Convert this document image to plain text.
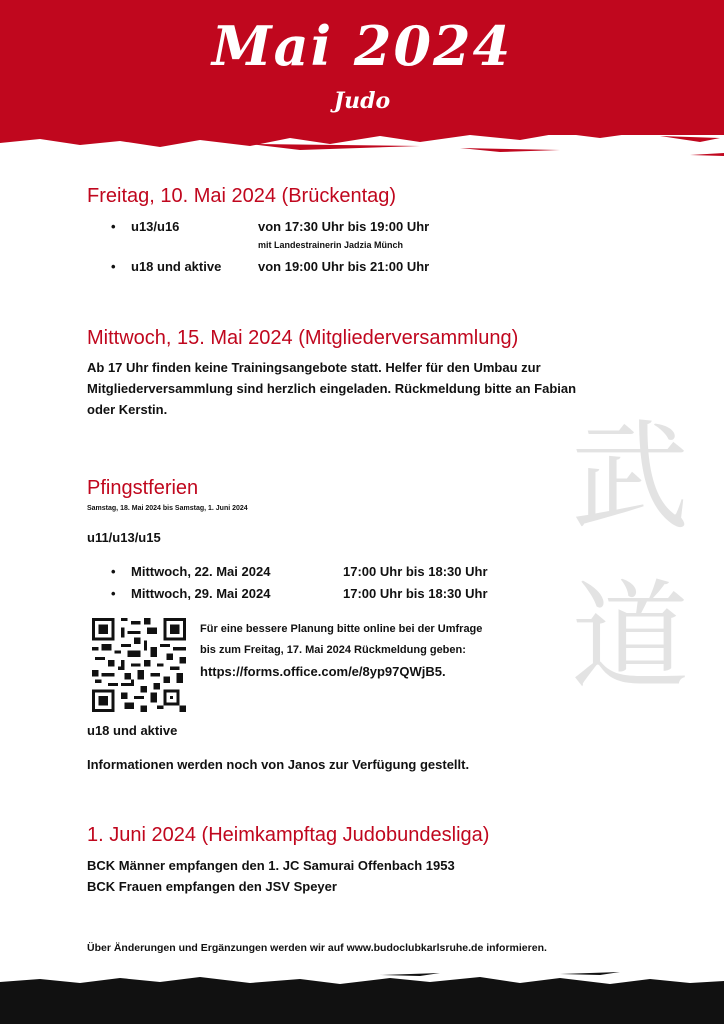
Mai 2024
Judo
武
道
Freitag, 10. Mai 2024 (Brückentag)
• u13/u16	von 17:30 Uhr bis 19:00 Uhr
mit Landestrainerin Jadzia Münch
• u18 und aktive	von 19:00 Uhr bis 21:00 Uhr
Mittwoch, 15. Mai 2024 (Mitgliederversammlung)
Ab 17 Uhr finden keine Trainingsangebote statt. Helfer für den Umbau zur
Mitgliederversammlung sind herzlich eingeladen. Rückmeldung bitte an Fabian
oder Kerstin.
Pfingstferien
Samstag, 18. Mai 2024 bis Samstag, 1. Juni 2024
u11/u13/u15
• Mittwoch, 22. Mai 2024	17:00 Uhr bis 18:30 Uhr
• Mittwoch, 29. Mai 2024	17:00 Uhr bis 18:30 Uhr
Für eine bessere Planung bitte online bei der Umfrage
bis zum Freitag, 17. Mai 2024 Rückmeldung geben:
https://forms.office.com/e/8yp97QWjB5.
u18 und aktive
Informationen werden noch von Janos zur Verfügung gestellt.
1. Juni 2024 (Heimkampftag Judobundesliga)
BCK Männer empfangen den 1. JC Samurai Offenbach 1953
BCK Frauen empfangen den JSV Speyer
Über Änderungen und Ergänzungen werden wir auf www.budoclubkarlsruhe.de informieren.
